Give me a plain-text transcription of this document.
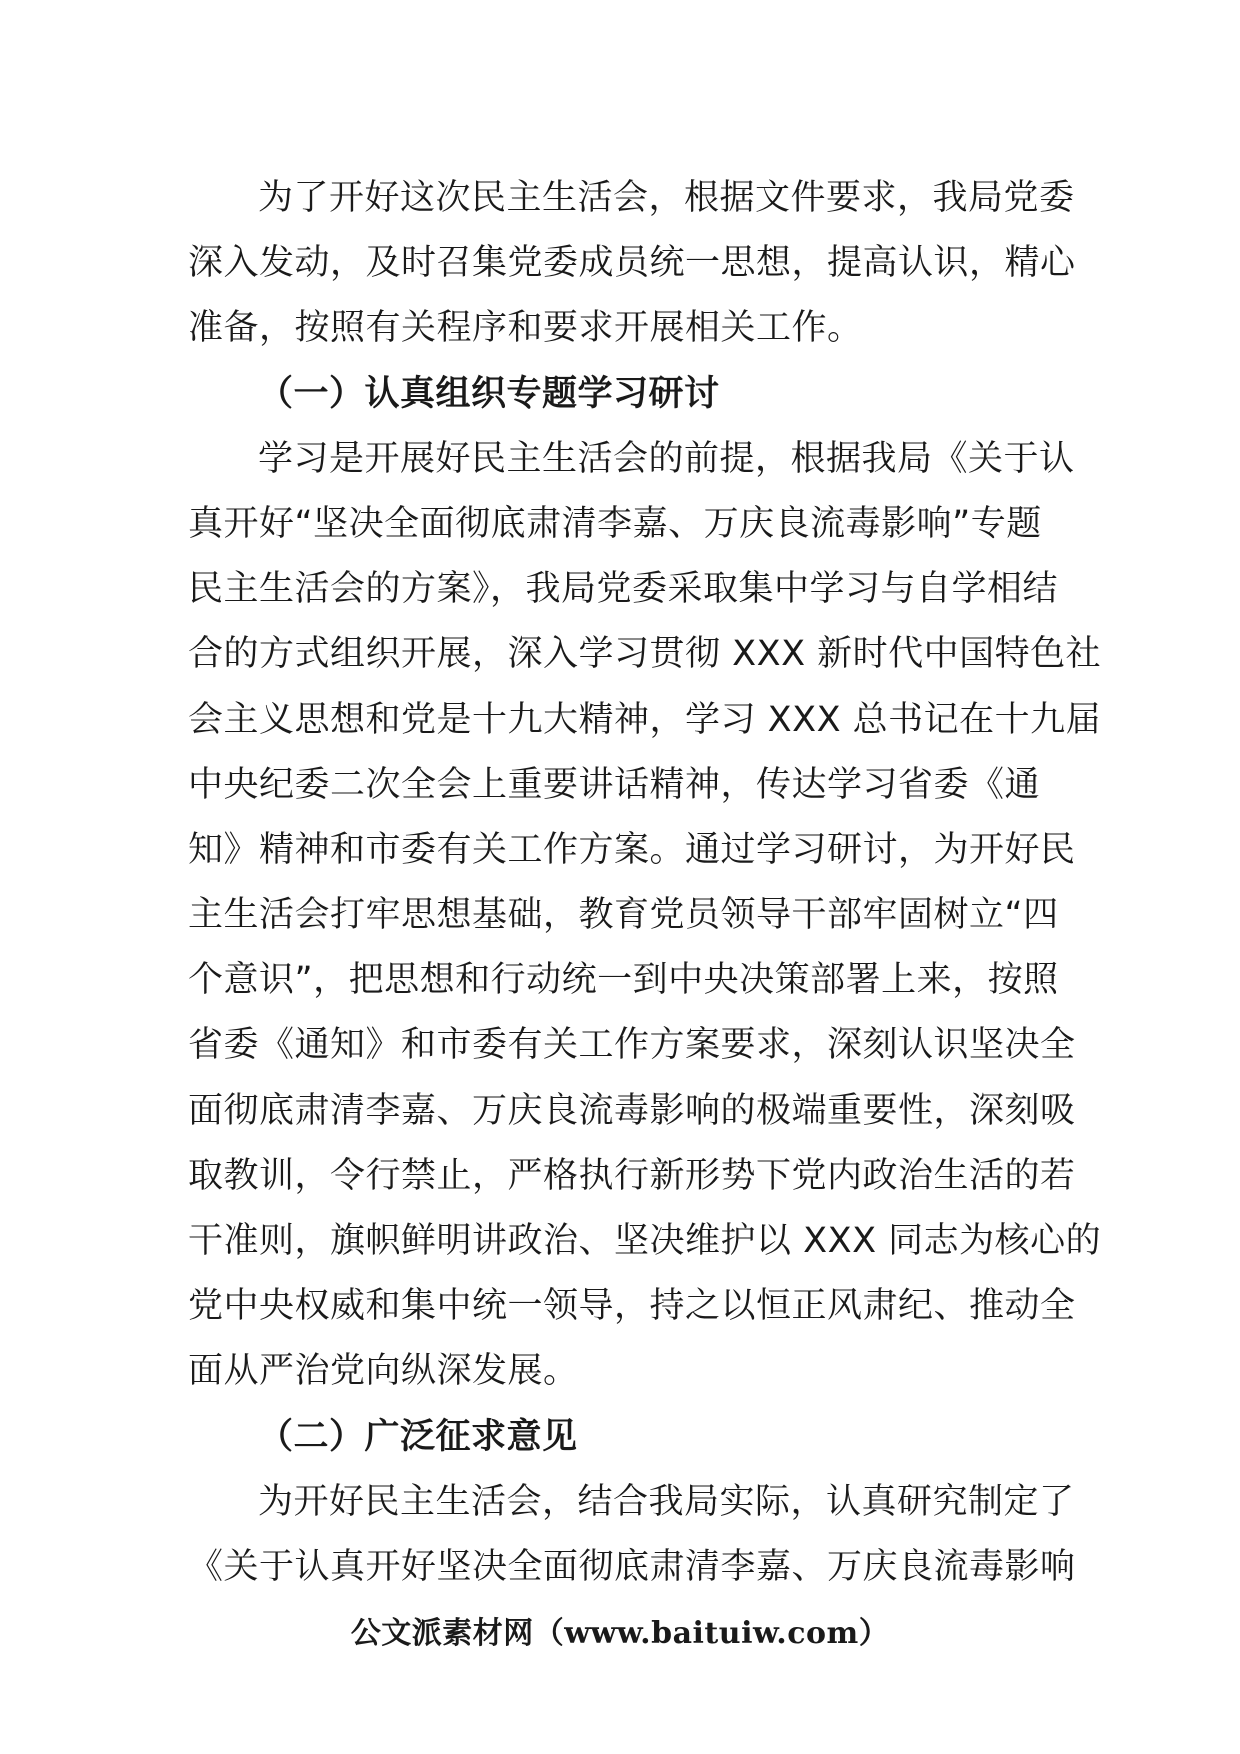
为了开好这次民主生活会，根据文件要求，我局党委
深入发动，及时召集党委成员统一思想，提高认识，精心
准备，按照有关程序和要求开展相关工作。
（一）认真组织专题学习研讨
学习是开展好民主生活会的前提，根据我局《关于认
真开好“坚决全面彻底肃清李嘉、万庆良流毒影响”专题
民主生活会的方案》，我局党委采取集中学习与自学相结
合的方式组织开展，深入学习贯彻 XXX 新时代中国特色社
会主义思想和党是十九大精神，学习 XXX 总书记在十九届
中央纪委二次全会上重要讲话精神，传达学习省委《通
知》精神和市委有关工作方案。通过学习研讨，为开好民
主生活会打牢思想基础，教育党员领导干部牢固树立“四
个意识”，把思想和行动统一到中央决策部署上来，按照
省委《通知》和市委有关工作方案要求，深刻认识坚决全
面彻底肃清李嘉、万庆良流毒影响的极端重要性，深刻吸
取教训，令行禁止，严格执行新形势下党内政治生活的若
干准则，旗帜鲜明讲政治、坚决维护以 XXX 同志为核心的
党中央权威和集中统一领导，持之以恒正风肃纪、推动全
面从严治党向纵深发展。
（二）广泛征求意见
为开好民主生活会，结合我局实际，认真研究制定了
《关于认真开好坚决全面彻底肃清李嘉、万庆良流毒影响
公文派素材网（www.baituiw.com）
